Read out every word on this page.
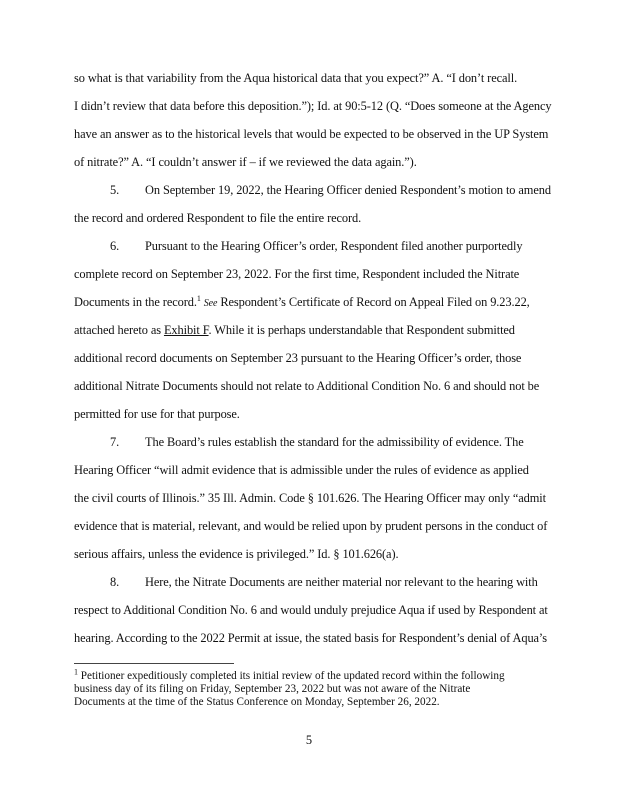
so what is that variability from the Aqua historical data that you expect?” A. “I don’t recall.
I didn’t review that data before this deposition.”); Id. at 90:5-12 (Q. “Does someone at the Agency
have an answer as to the historical levels that would be expected to be observed in the UP System
of nitrate?” A. “I couldn’t answer if – if we reviewed the data again.”).
5. On September 19, 2022, the Hearing Officer denied Respondent’s motion to amend
the record and ordered Respondent to file the entire record.
6. Pursuant to the Hearing Officer’s order, Respondent filed another purportedly
complete record on September 23, 2022. For the first time, Respondent included the Nitrate
Documents in the record.$^1$ See Respondent’s Certificate of Record on Appeal Filed on 9.23.22,
attached hereto as Exhibit F. While it is perhaps understandable that Respondent submitted
additional record documents on September 23 pursuant to the Hearing Officer’s order, those
additional Nitrate Documents should not relate to Additional Condition No. 6 and should not be
permitted for use for that purpose.
7. The Board’s rules establish the standard for the admissibility of evidence. The
Hearing Officer “will admit evidence that is admissible under the rules of evidence as applied
the civil courts of Illinois.” 35 Ill. Admin. Code § 101.626. The Hearing Officer may only “admit
evidence that is material, relevant, and would be relied upon by prudent persons in the conduct of
serious affairs, unless the evidence is privileged.” Id. § 101.626(a).
8. Here, the Nitrate Documents are neither material nor relevant to the hearing with
respect to Additional Condition No. 6 and would unduly prejudice Aqua if used by Respondent at
hearing. According to the 2022 Permit at issue, the stated basis for Respondent’s denial of Aqua’s
$^1$ Petitioner expeditiously completed its initial review of the updated record within the following
business day of its filing on Friday, September 23, 2022 but was not aware of the Nitrate
Documents at the time of the Status Conference on Monday, September 26, 2022.
5
